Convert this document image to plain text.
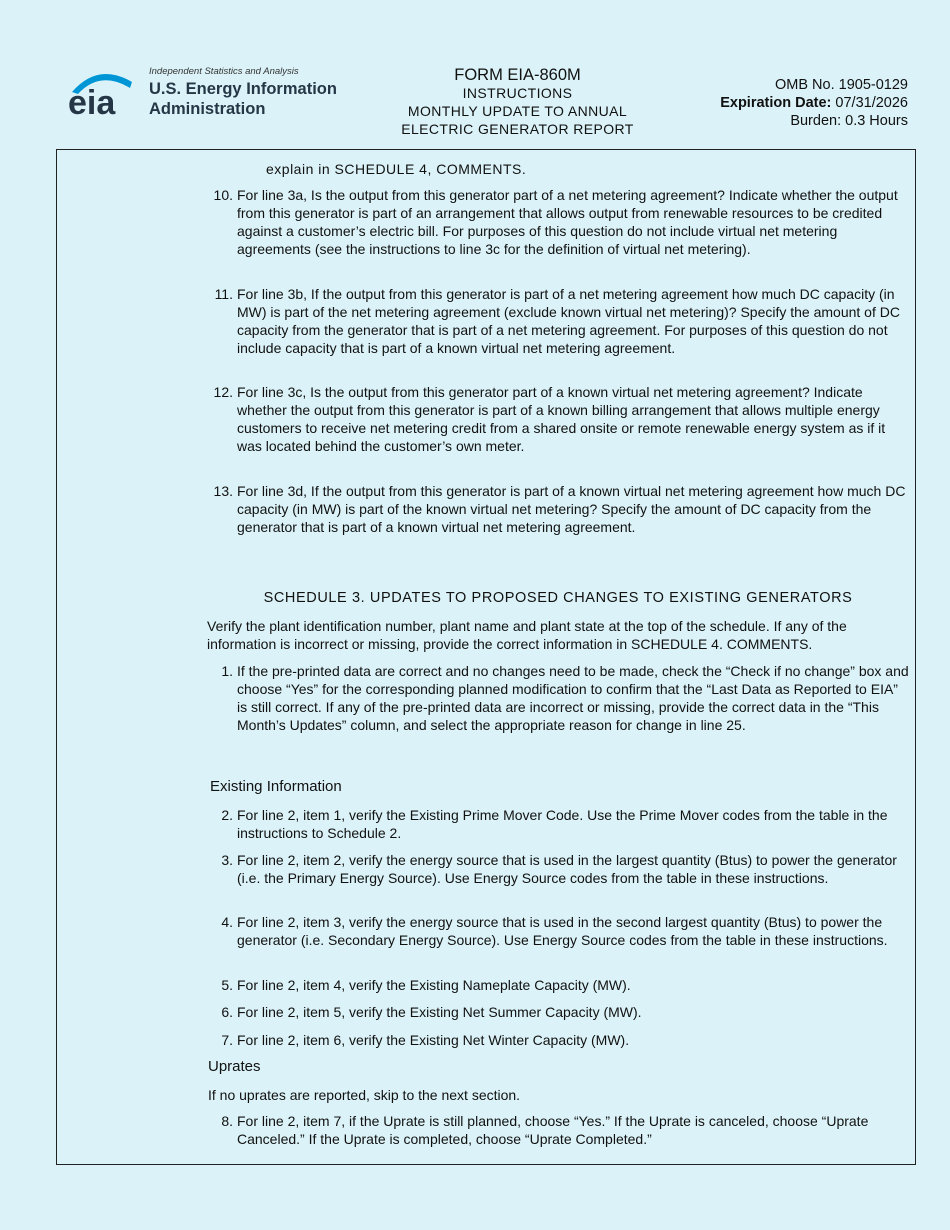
eia
Independent Statistics and Analysis
U.S. Energy Information
Administration
FORM EIA-860M
INSTRUCTIONS
MONTHLY UPDATE TO ANNUAL
ELECTRIC GENERATOR REPORT
OMB No. 1905-0129
Expiration Date: 07/31/2026
Burden: 0.3 Hours
explain in SCHEDULE 4, COMMENTS.
10. For line 3a, Is the output from this generator part of a net metering agreement? Indicate whether the output from this generator is part of an arrangement that allows output from renewable resources to be credited against a customer’s electric bill. For purposes of this question do not include virtual net metering agreements (see the instructions to line 3c for the definition of virtual net metering).
11. For line 3b, If the output from this generator is part of a net metering agreement how much DC capacity (in MW) is part of the net metering agreement (exclude known virtual net metering)? Specify the amount of DC capacity from the generator that is part of a net metering agreement. For purposes of this question do not include capacity that is part of a known virtual net metering agreement.
12. For line 3c, Is the output from this generator part of a known virtual net metering agreement? Indicate whether the output from this generator is part of a known billing arrangement that allows multiple energy customers to receive net metering credit from a shared onsite or remote renewable energy system as if it was located behind the customer’s own meter.
13. For line 3d, If the output from this generator is part of a known virtual net metering agreement how much DC capacity (in MW) is part of the known virtual net metering? Specify the amount of DC capacity from the generator that is part of a known virtual net metering agreement.
SCHEDULE 3. UPDATES TO PROPOSED CHANGES TO EXISTING GENERATORS
Verify the plant identification number, plant name and plant state at the top of the schedule. If any of the information is incorrect or missing, provide the correct information in SCHEDULE 4. COMMENTS.
1. If the pre-printed data are correct and no changes need to be made, check the “Check if no change” box and choose “Yes” for the corresponding planned modification to confirm that the “Last Data as Reported to EIA” is still correct. If any of the pre-printed data are incorrect or missing, provide the correct data in the “This Month’s Updates” column, and select the appropriate reason for change in line 25.
Existing Information
2. For line 2, item 1, verify the Existing Prime Mover Code. Use the Prime Mover codes from the table in the instructions to Schedule 2.
3. For line 2, item 2, verify the energy source that is used in the largest quantity (Btus) to power the generator (i.e. the Primary Energy Source). Use Energy Source codes from the table in these instructions.
4. For line 2, item 3, verify the energy source that is used in the second largest quantity (Btus) to power the generator (i.e. Secondary Energy Source). Use Energy Source codes from the table in these instructions.
5. For line 2, item 4, verify the Existing Nameplate Capacity (MW).
6. For line 2, item 5, verify the Existing Net Summer Capacity (MW).
7. For line 2, item 6, verify the Existing Net Winter Capacity (MW).
Uprates
If no uprates are reported, skip to the next section.
8. For line 2, item 7, if the Uprate is still planned, choose “Yes.” If the Uprate is canceled, choose “Uprate Canceled.” If the Uprate is completed, choose “Uprate Completed.”
